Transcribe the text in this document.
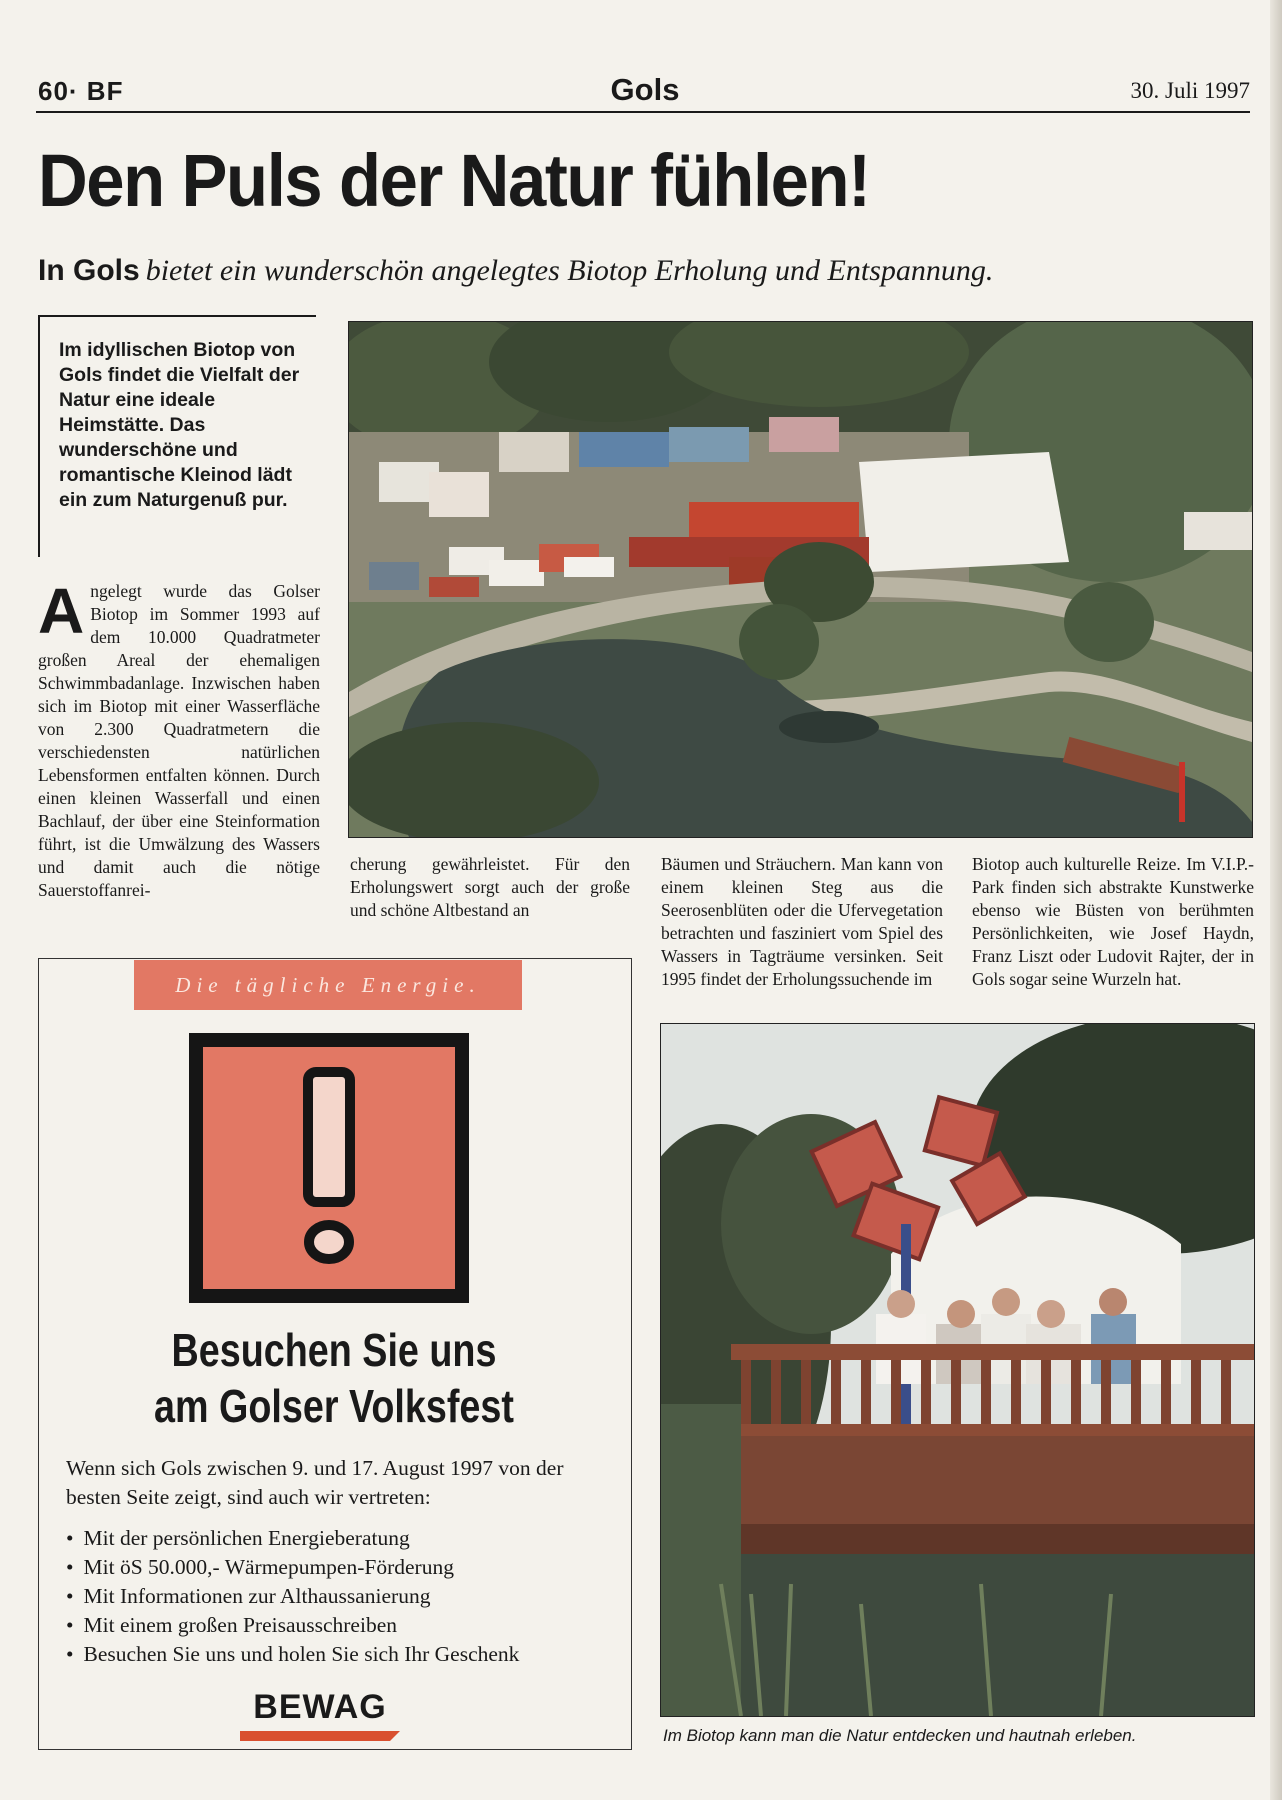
60· BF	Gols	30. Juli 1997
Den Puls der Natur fühlen!
In Gols bietet ein wunderschön angelegtes Biotop Erholung und Entspannung.
Im idyllischen Biotop von Gols findet die Vielfalt der Natur eine ideale Heimstätte. Das wunderschöne und romantische Kleinod lädt ein zum Naturgenuß pur.
Angelegt wurde das Golser Biotop im Sommer 1993 auf dem 10.000 Quadratmeter großen Areal der ehemaligen Schwimmbadanlage. Inzwischen haben sich im Biotop mit einer Wasserfläche von 2.300 Quadratmetern die verschiedensten natürlichen Lebensformen entfalten können. Durch einen kleinen Wasserfall und einen Bachlauf, der über eine Steinformation führt, ist die Umwälzung des Wassers und damit auch die nötige Sauerstoffanrei-
cherung gewährleistet. Für den Erholungswert sorgt auch der große und schöne Altbestand an
Bäumen und Sträuchern. Man kann von einem kleinen Steg aus die Seerosenblüten oder die Ufervegetation betrachten und fasziniert vom Spiel des Wassers in Tagträume versinken. Seit 1995 findet der Erholungssuchende im
Biotop auch kulturelle Reize. Im V.I.P.-Park finden sich abstrakte Kunstwerke ebenso wie Büsten von berühmten Persönlichkeiten, wie Josef Haydn, Franz Liszt oder Ludovit Rajter, der in Gols sogar seine Wurzeln hat.
Die tägliche Energie.
Besuchen Sie uns
am Golser Volksfest
Wenn sich Gols zwischen 9. und 17. August 1997 von der besten Seite zeigt, sind auch wir vertreten:
• Mit der persönlichen Energieberatung
• Mit öS 50.000,- Wärmepumpen-Förderung
• Mit Informationen zur Althaussanierung
• Mit einem großen Preisausschreiben
• Besuchen Sie uns und holen Sie sich Ihr Geschenk
BEWAG
Im Biotop kann man die Natur entdecken und hautnah erleben.
